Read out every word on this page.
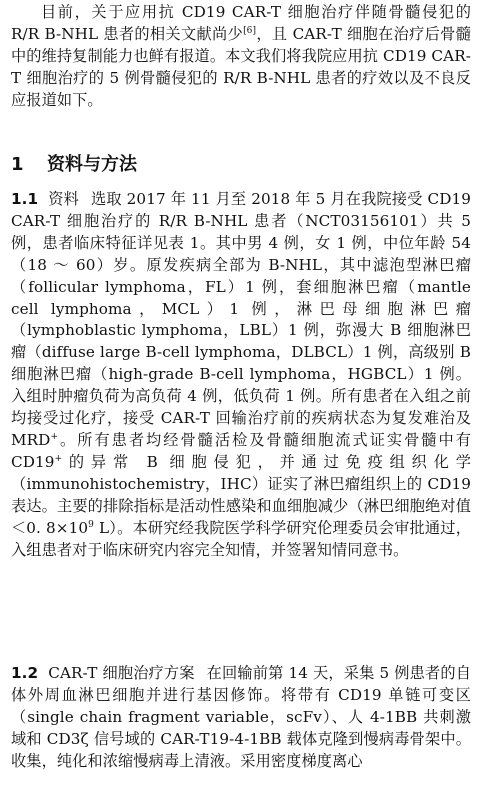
目前，关于应用抗 CD19 CAR-T 细胞治疗伴随骨髓侵犯的 R/R B-NHL 患者的相关文献尚少[6]，且 CAR-T 细胞在治疗后骨髓中的维持复制能力也鲜有报道。本文我们将我院应用抗 CD19 CAR-T 细胞治疗的 5 例骨髓侵犯的 R/R B-NHL 患者的疗效以及不良反应报道如下。

1 资料与方法

1.1 资料 选取 2017 年 11 月至 2018 年 5 月在我院接受 CD19 CAR-T 细胞治疗的 R/R B-NHL 患者（NCT03156101）共 5 例，患者临床特征详见表 1。其中男 4 例，女 1 例，中位年龄 54（18 ～ 60）岁。原发疾病全部为 B-NHL，其中滤泡型淋巴瘤（follicular lymphoma，FL）1 例，套细胞淋巴瘤（mantle cell lymphoma，MCL）1 例，淋巴母细胞淋巴瘤（lymphoblastic lymphoma，LBL）1 例，弥漫大 B 细胞淋巴瘤（diffuse large B-cell lymphoma，DLBCL）1 例，高级别 B 细胞淋巴瘤（high-grade B-cell lymphoma，HGBCL）1 例。入组时肿瘤负荷为高负荷 4 例，低负荷 1 例。所有患者在入组之前均接受过化疗，接受 CAR-T 回输治疗前的疾病状态为复发难治及 MRD+。所有患者均经骨髓活检及骨髓细胞流式证实骨髓中有 CD19+的异常 B 细胞侵犯，并通过免疫组织化学（immunohistochemistry，IHC）证实了淋巴瘤组织上的 CD19 表达。主要的排除指标是活动性感染和血细胞减少（淋巴细胞绝对值＜0. $8\times 10^9$ L）。本研究经我院医学科学研究伦理委员会审批通过，入组患者对于临床研究内容完全知情，并签署知情同意书。

1.2 CAR-T 细胞治疗方案 在回输前第 14 天，采集 5 例患者的自体外周血淋巴细胞并进行基因修饰。将带有 CD19 单链可变区（single chain fragment variable，scFv）、人 4-1BB 共刺激域和 CD3ζ 信号域的 CAR-T19-4-1BB 载体克隆到慢病毒骨架中。收集，纯化和浓缩慢病毒上清液。采用密度梯度离心
